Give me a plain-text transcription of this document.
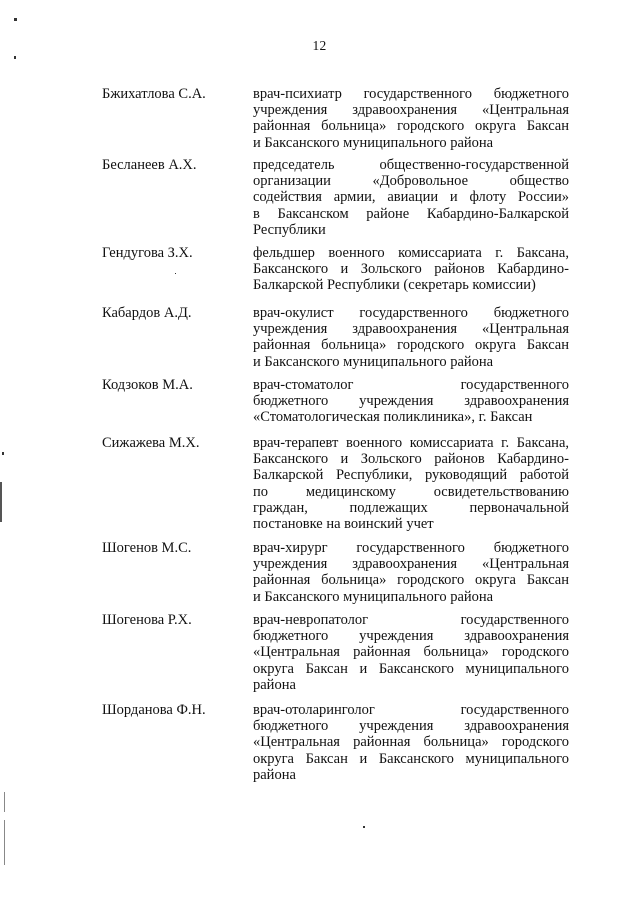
12
Бжихатлова С.А.	врач-психиатр государственного бюджетного
учреждения здравоохранения «Центральная
районная больница» городского округа Баксан
и Баксанского муниципального района
Бесланеев А.Х.	председатель общественно-государственной
организации «Добровольное общество
содействия армии, авиации и флоту России»
в Баксанском районе Кабардино-Балкарской
Республики
Гендугова З.Х.	фельдшер военного комиссариата г. Баксана,
Баксанского и Зольского районов Кабардино-
Балкарской Республики (секретарь комиссии)
Кабардов А.Д.	врач-окулист государственного бюджетного
учреждения здравоохранения «Центральная
районная больница» городского округа Баксан
и Баксанского муниципального района
Кодзоков М.А.	врач-стоматолог государственного
бюджетного учреждения здравоохранения
«Стоматологическая поликлиника», г. Баксан
Сижажева М.Х.	врач-терапевт военного комиссариата г. Баксана,
Баксанского и Зольского районов Кабардино-
Балкарской Республики, руководящий работой
по медицинскому освидетельствованию
граждан, подлежащих первоначальной
постановке на воинский учет
Шогенов М.С.	врач-хирург государственного бюджетного
учреждения здравоохранения «Центральная
районная больница» городского округа Баксан
и Баксанского муниципального района
Шогенова Р.Х.	врач-невропатолог государственного
бюджетного учреждения здравоохранения
«Центральная районная больница» городского
округа Баксан и Баксанского муниципального
района
Шорданова Ф.Н.	врач-отоларинголог государственного
бюджетного учреждения здравоохранения
«Центральная районная больница» городского
округа Баксан и Баксанского муниципального
района
